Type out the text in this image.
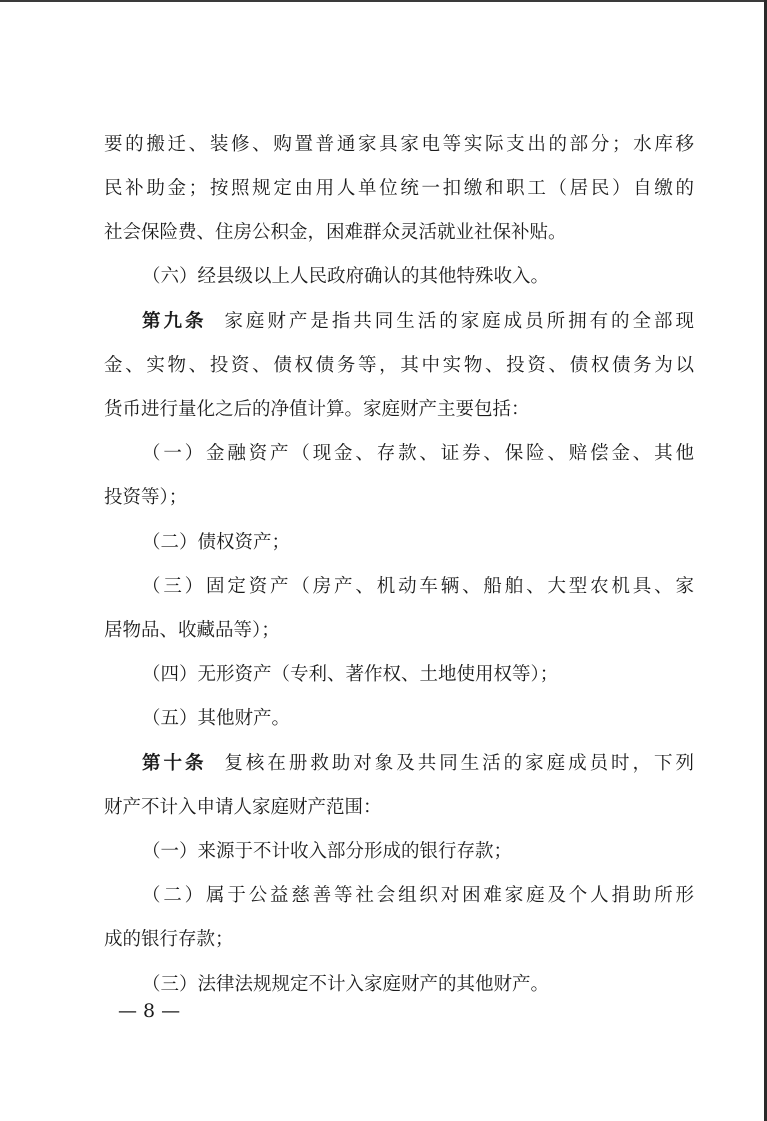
要的搬迁、装修、购置普通家具家电等实际支出的部分；水库移
民补助金；按照规定由用人单位统一扣缴和职工（居民）自缴的
社会保险费、住房公积金，困难群众灵活就业社保补贴。
（六）经县级以上人民政府确认的其他特殊收入。
第九条 家庭财产是指共同生活的家庭成员所拥有的全部现
金、实物、投资、债权债务等，其中实物、投资、债权债务为以
货币进行量化之后的净值计算。家庭财产主要包括：
（一）金融资产（现金、存款、证券、保险、赔偿金、其他
投资等）；
（二）债权资产；
（三）固定资产（房产、机动车辆、船舶、大型农机具、家
居物品、收藏品等）；
（四）无形资产（专利、著作权、土地使用权等）；
（五）其他财产。
第十条 复核在册救助对象及共同生活的家庭成员时，下列
财产不计入申请人家庭财产范围：
（一）来源于不计收入部分形成的银行存款；
（二）属于公益慈善等社会组织对困难家庭及个人捐助所形
成的银行存款；
（三）法律法规规定不计入家庭财产的其他财产。
— 8 —
